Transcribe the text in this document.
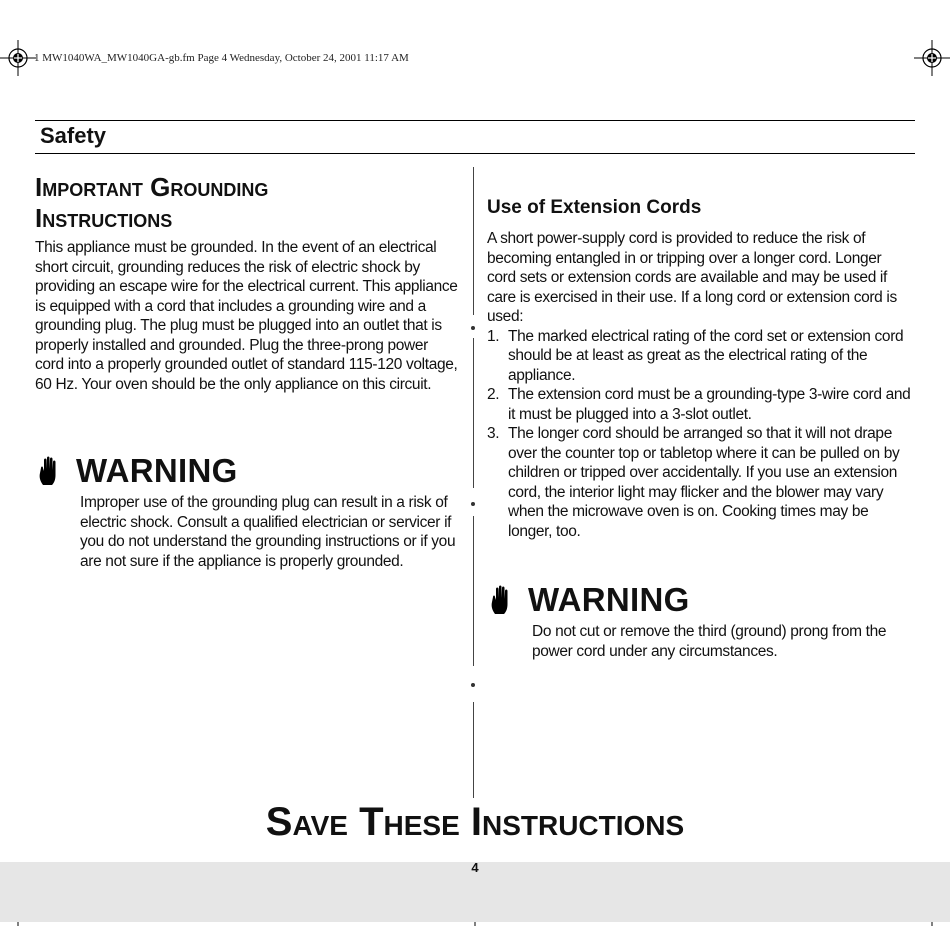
1 MW1040WA_MW1040GA-gb.fm Page 4 Wednesday, October 24, 2001 11:17 AM
Safety
Important Grounding
Instructions

This appliance must be grounded. In the event of an electrical short circuit, grounding reduces the risk of electric shock by providing an escape wire for the electrical current. This appliance is equipped with a cord that includes a grounding wire and a grounding plug. The plug must be plugged into an outlet that is properly installed and grounded. Plug the three-prong power cord into a properly grounded outlet of standard 115-120 voltage, 60 Hz. Your oven should be the only appliance on this circuit.

WARNING

Improper use of the grounding plug can result in a risk of electric shock. Consult a qualified electrician or servicer if you do not understand the grounding instructions or if you are not sure if the appliance is properly grounded.

Use of Extension Cords

A short power-supply cord is provided to reduce the risk of becoming entangled in or tripping over a longer cord. Longer cord sets or extension cords are available and may be used if care is exercised in their use. If a long cord or extension cord is used:

1. The marked electrical rating of the cord set or extension cord should be at least as great as the electrical rating of the appliance.
2. The extension cord must be a grounding-type 3-wire cord and it must be plugged into a 3-slot outlet.
3. The longer cord should be arranged so that it will not drape over the counter top or tabletop where it can be pulled on by children or tripped over accidentally. If you use an extension cord, the interior light may flicker and the blower may vary when the microwave oven is on. Cooking times may be longer, too.
WARNING

Do not cut or remove the third (ground) prong from the power cord under any circumstances.

Save These Instructions
4
